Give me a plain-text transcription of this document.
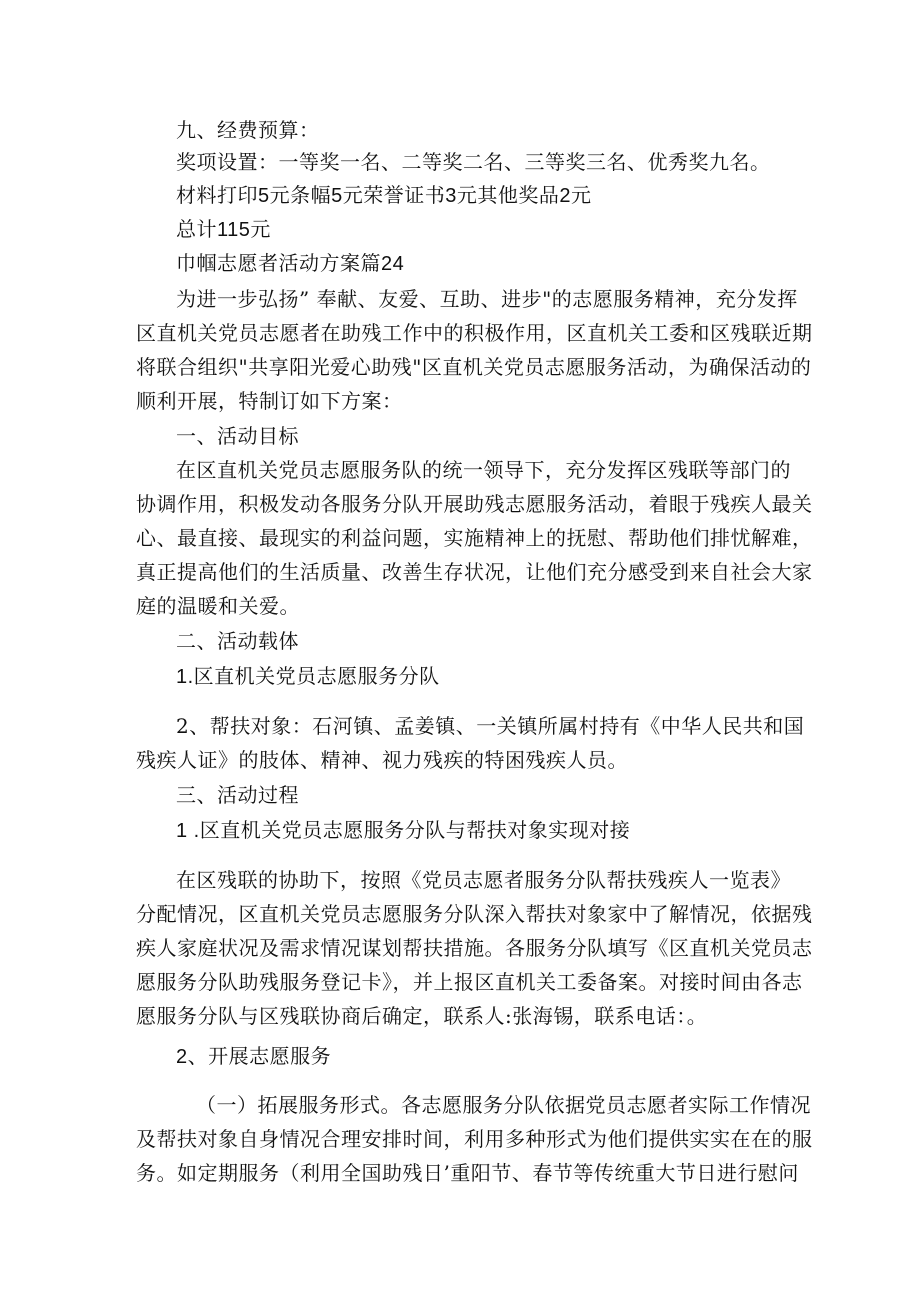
九、经费预算：
奖项设置：一等奖一名、二等奖二名、三等奖三名、优秀奖九名。
材料打印5元条幅5元荣誉证书3元其他奖品2元
总计115元
巾帼志愿者活动方案篇24
为进一步弘扬” 奉献、友爱、互助、进步"的志愿服务精神，充分发挥
区直机关党员志愿者在助残工作中的积极作用，区直机关工委和区残联近期
将联合组织"共享阳光爱心助残"区直机关党员志愿服务活动，为确保活动的
顺利开展，特制订如下方案：
一、活动目标
在区直机关党员志愿服务队的统一领导下，充分发挥区残联等部门的
协调作用，积极发动各服务分队开展助残志愿服务活动，着眼于残疾人最关
心、最直接、最现实的利益问题，实施精神上的抚慰、帮助他们排忧解难，
真正提高他们的生活质量、改善生存状况，让他们充分感受到来自社会大家
庭的温暖和关爱。
二、活动载体
1.区直机关党员志愿服务分队
2、帮扶对象：石河镇、孟姜镇、一关镇所属村持有《中华人民共和国
残疾人证》的肢体、精神、视力残疾的特困残疾人员。
三、活动过程
1 .区直机关党员志愿服务分队与帮扶对象实现对接
在区残联的协助下，按照《党员志愿者服务分队帮扶残疾人一览表》
分配情况，区直机关党员志愿服务分队深入帮扶对象家中了解情况，依据残
疾人家庭状况及需求情况谋划帮扶措施。各服务分队填写《区直机关党员志
愿服务分队助残服务登记卡》，并上报区直机关工委备案。对接时间由各志
愿服务分队与区残联协商后确定，联系人:张海锡，联系电话：。
2、开展志愿服务
（一）拓展服务形式。各志愿服务分队依据党员志愿者实际工作情况
及帮扶对象自身情况合理安排时间，利用多种形式为他们提供实实在在的服
务。如定期服务（利用全国助残日’重阳节、春节等传统重大节日进行慰问
